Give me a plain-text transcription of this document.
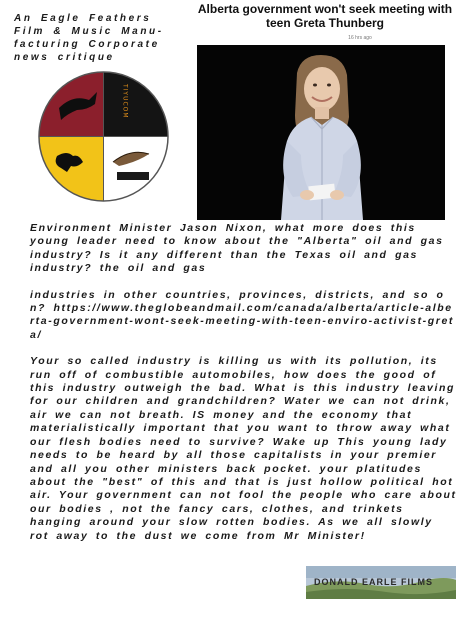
An Eagle Feathers Film & Music Manu- facturing Corporate news critique

Alberta government won't seek meeting with teen Greta Thunberg
16 hrs ago
TIYUCOM

Environment Minister Jason Nixon, what more does this young leader need to know about the "Alberta" oil and gas industry? Is it any different than the Texas oil and gas industry? the oil and gas

industries in other countries, provinces, districts, and so on? https://www.theglobeandmail.com/canada/alberta/article-alberta-government-wont-seek-meeting-with-teen-enviro-activist-greta/

Your so called industry is killing us with its pollution, its run off of combustible automobiles, how does the good of this industry outweigh the bad. What is this industry leaving for our children and grandchildren? Water we can not drink, air we can not breath. IS money and the economy that materialistically important that you want to throw away what our flesh bodies need to survive? Wake up This young lady needs to be heard by all those capitalists in your premier and all you other ministers back pocket. your platitudes about the "best" of this and that is just hollow political hot air. Your government can not fool the people who care about our bodies , not the fancy cars, clothes, and trinkets hanging around your slow rotten bodies. As we all slowly rot away to the dust we come from Mr Minister!

DONALD EARLE FILMS
